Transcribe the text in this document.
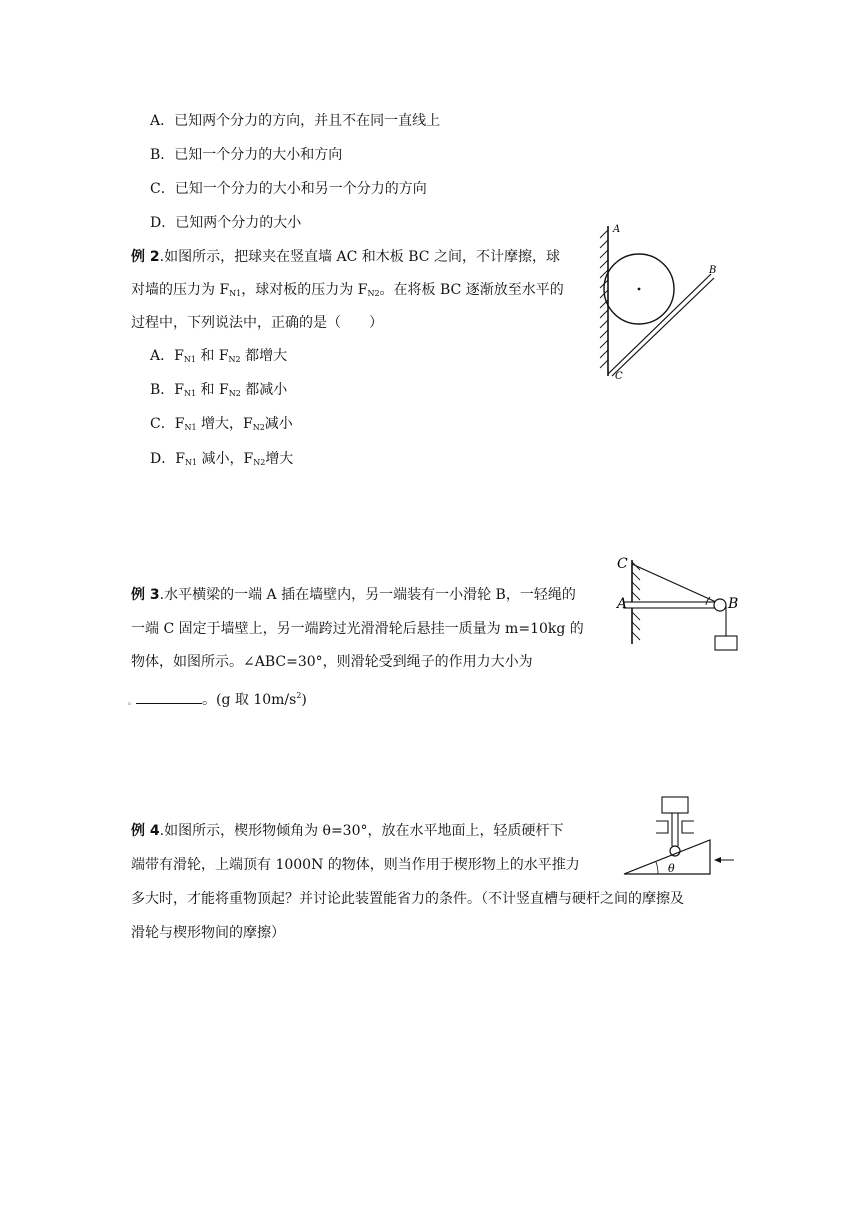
A．已知两个分力的方向，并且不在同一直线上
B．已知一个分力的大小和方向
C．已知一个分力的大小和另一个分力的方向
D．已知两个分力的大小
例 2.如图所示，把球夹在竖直墙 AC 和木板 BC 之间，不计摩擦，球
对墙的压力为 $F_{N1}$，球对板的压力为 $F_{N2}$。在将板 BC 逐渐放至水平的
过程中，下列说法中，正确的是（　　）
A．$F_{N1}$ 和 $F_{N2}$ 都增大
B．$F_{N1}$ 和 $F_{N2}$ 都减小
C．$F_{N1}$ 增大，$F_{N2}$减小
D．$F_{N1}$ 减小，$F_{N2}$增大
A
B
C
例 3.水平横梁的一端 A 插在墙壁内，另一端装有一小滑轮 B，一轻绳的
一端 C 固定于墙壁上，另一端跨过光滑滑轮后悬挂一质量为 m=10kg 的
物体，如图所示。∠ABC=30°，则滑轮受到绳子的作用力大小为
。	。(g 取 $10m/s^2$)
C
A	B
例 4.如图所示，楔形物倾角为 θ=30°，放在水平地面上，轻质硬杆下
端带有滑轮，上端顶有 1000N 的物体，则当作用于楔形物上的水平推力
多大时，才能将重物顶起？并讨论此装置能省力的条件。（不计竖直槽与硬杆之间的摩擦及
滑轮与楔形物间的摩擦）
θ
